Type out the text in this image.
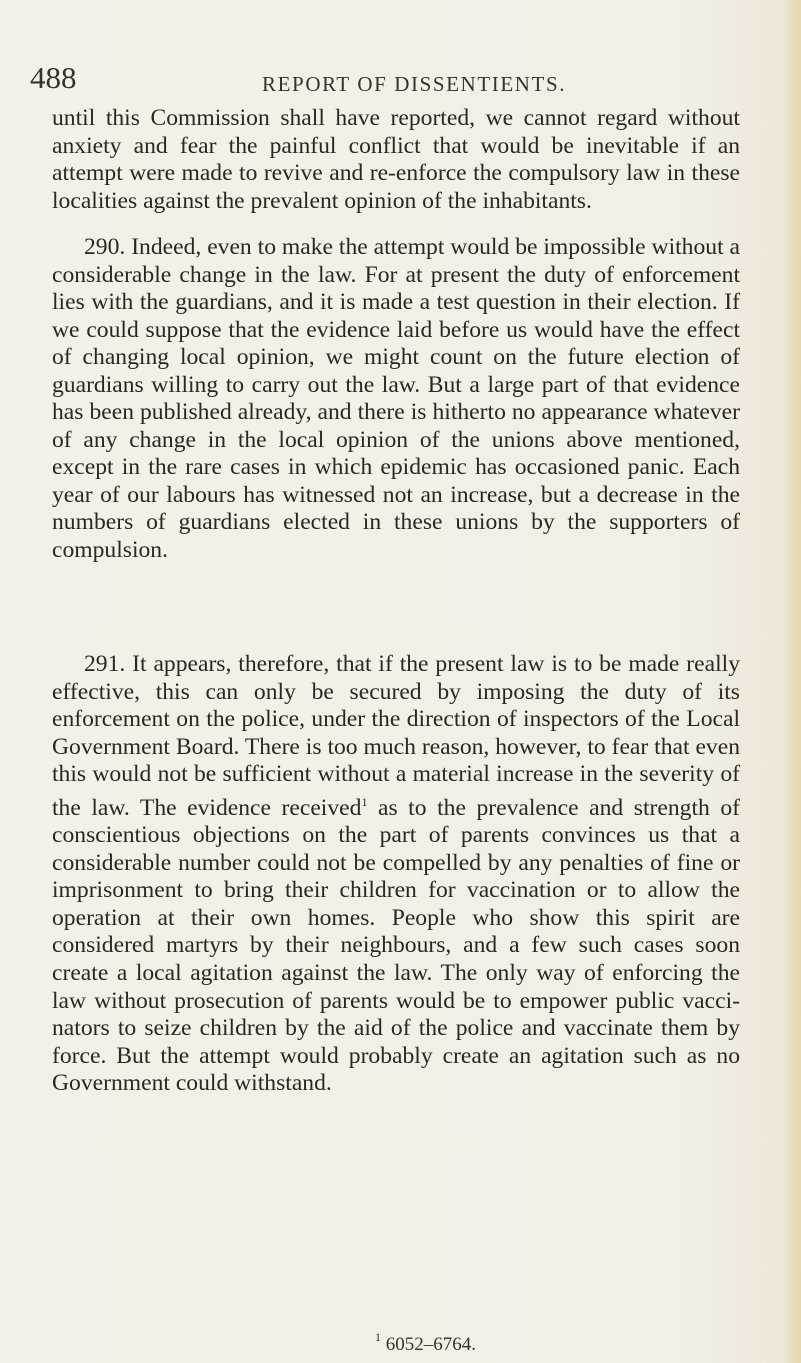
488	REPORT OF DISSENTIENTS.
until this Commission shall have reported, we cannot regard without anxiety and fear the painful conflict that would be inevitable if an attempt were made to revive and re-enforce the compulsory law in these localities against the prevalent opinion of the inhabitants.
290. Indeed, even to make the attempt would be impossible without a considerable change in the law. For at present the duty of enforcement lies with the guardians, and it is made a test question in their election. If we could suppose that the evidence laid before us would have the effect of changing local opinion, we might count on the future election of guardians willing to carry out the law. But a large part of that evidence has been published already, and there is hitherto no appearance whatever of any change in the local opinion of the unions above mentioned, except in the rare cases in which epidemic has occasioned panic. Each year of our labours has witnessed not an increase, but a decrease in the numbers of guardians elected in these unions by the supporters of compulsion.
291. It appears, therefore, that if the present law is to be made really effective, this can only be secured by imposing the duty of its enforcement on the police, under the direction of inspectors of the Local Government Board. There is too much reason, however, to fear that even this would not be sufficient without a material increase in the severity of the law. The evidence received$^1$ as to the prevalence and strength of conscientious objections on the part of parents convinces us that a considerable number could not be compelled by any penalties of fine or imprisonment to bring their children for vaccination or to allow the operation at their own homes. People who show this spirit are considered martyrs by their neighbours, and a few such cases soon create a local agitation against the law. The only way of enforcing the law without prosecution of parents would be to empower public vacci-nators to seize children by the aid of the police and vaccinate them by force. But the attempt would probably create an agitation such as no Government could withstand.
$^1$ 6052–6764.
